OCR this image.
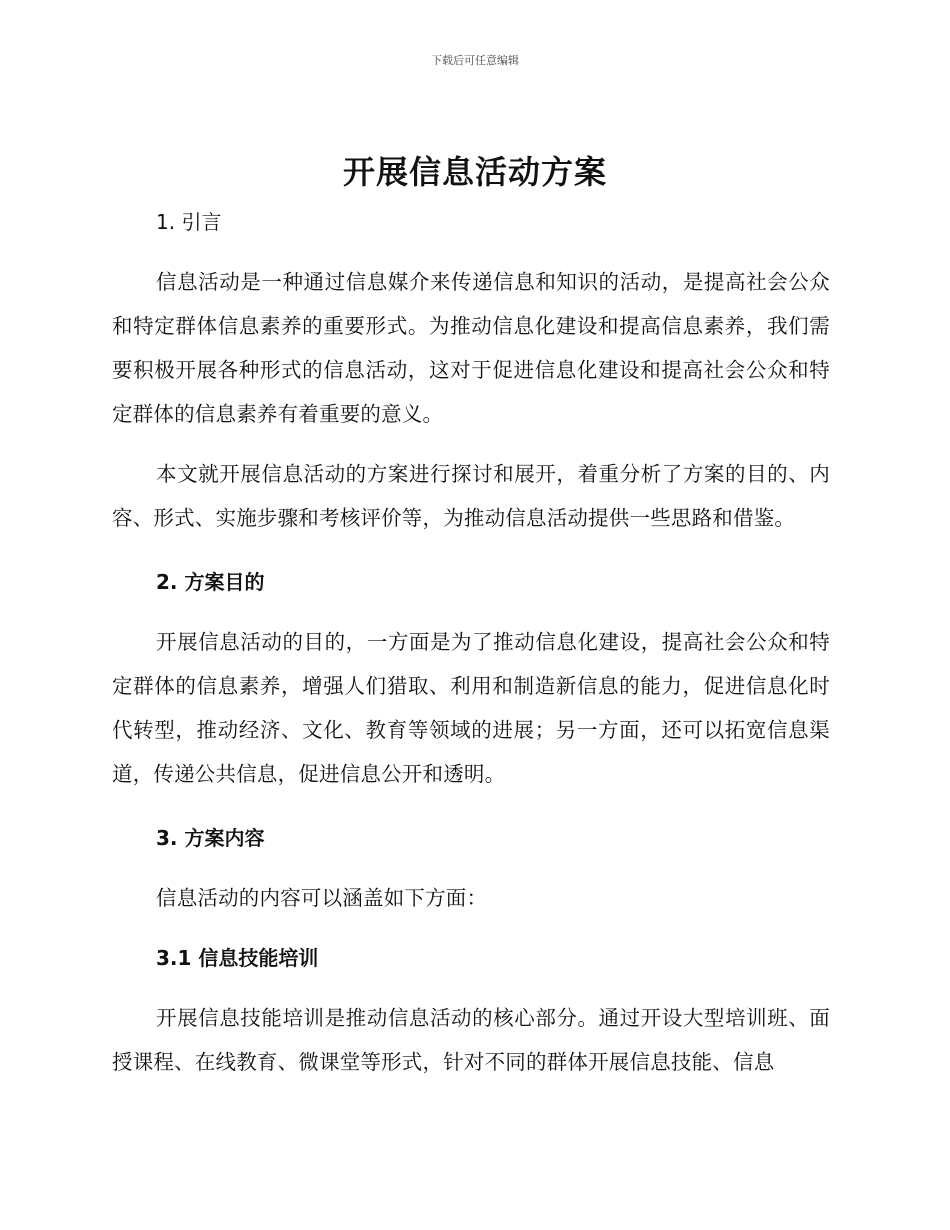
下载后可任意编辑
开展信息活动方案
1. 引言

信息活动是一种通过信息媒介来传递信息和知识的活动，是提高社会公众和特定群体信息素养的重要形式。为推动信息化建设和提高信息素养，我们需要积极开展各种形式的信息活动，这对于促进信息化建设和提高社会公众和特定群体的信息素养有着重要的意义。

本文就开展信息活动的方案进行探讨和展开，着重分析了方案的目的、内容、形式、实施步骤和考核评价等，为推动信息活动提供一些思路和借鉴。

2. 方案目的

开展信息活动的目的，一方面是为了推动信息化建设，提高社会公众和特定群体的信息素养，增强人们猎取、利用和制造新信息的能力，促进信息化时代转型，推动经济、文化、教育等领域的进展；另一方面，还可以拓宽信息渠道，传递公共信息，促进信息公开和透明。

3. 方案内容

信息活动的内容可以涵盖如下方面：

3.1 信息技能培训

开展信息技能培训是推动信息活动的核心部分。通过开设大型培训班、面授课程、在线教育、微课堂等形式，针对不同的群体开展信息技能、信息
